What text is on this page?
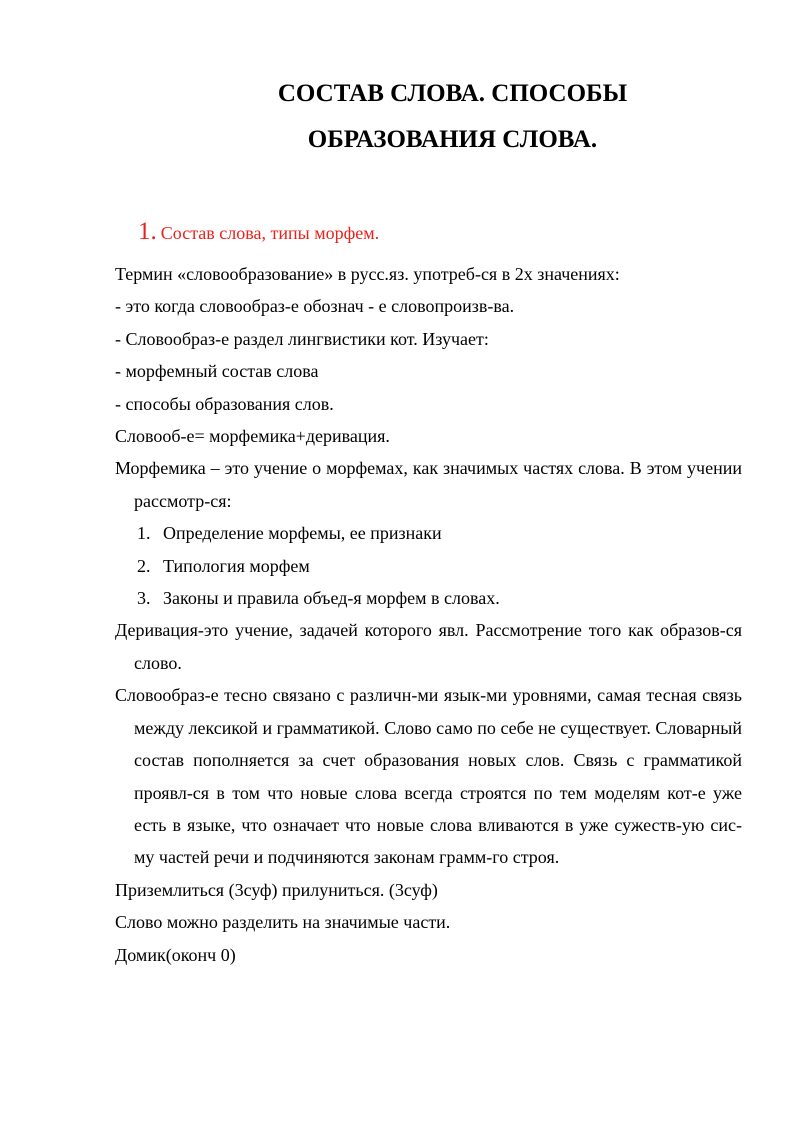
СОСТАВ СЛОВА. СПОСОБЫ
ОБРАЗОВАНИЯ СЛОВА.
1. Состав слова, типы морфем.

Термин «словообразование» в русс.яз. употреб-ся в 2х значениях:

- это когда словообраз-е обознач - е словопроизв-ва.

- Словообраз-е раздел лингвистики кот. Изучает:

- морфемный состав слова

- способы образования слов.

Словооб-е= морфемика+деривация.

Морфемика – это учение о морфемах, как значимых частях слова. В этом учении рассмотр-ся:

1. Определение морфемы, ее признаки
2. Типология морфем
3. Законы и правила объед-я морфем в словах.

Деривация-это учение, задачей которого явл. Рассмотрение того как образов-ся слово.

Словообраз-е тесно связано с различн-ми язык-ми уровнями, самая тесная связь между лексикой и грамматикой. Слово само по себе не существует. Словарный состав пополняется за счет образования новых слов. Связь с грамматикой проявл-ся в том что новые слова всегда строятся по тем моделям кот-е уже есть в языке, что означает что новые слова вливаются в уже сужеств-ую сис-му частей речи и подчиняются законам грамм-го строя.

Приземлиться (3суф) прилуниться. (3суф)

Слово можно разделить на значимые части.

Домик(оконч 0)
